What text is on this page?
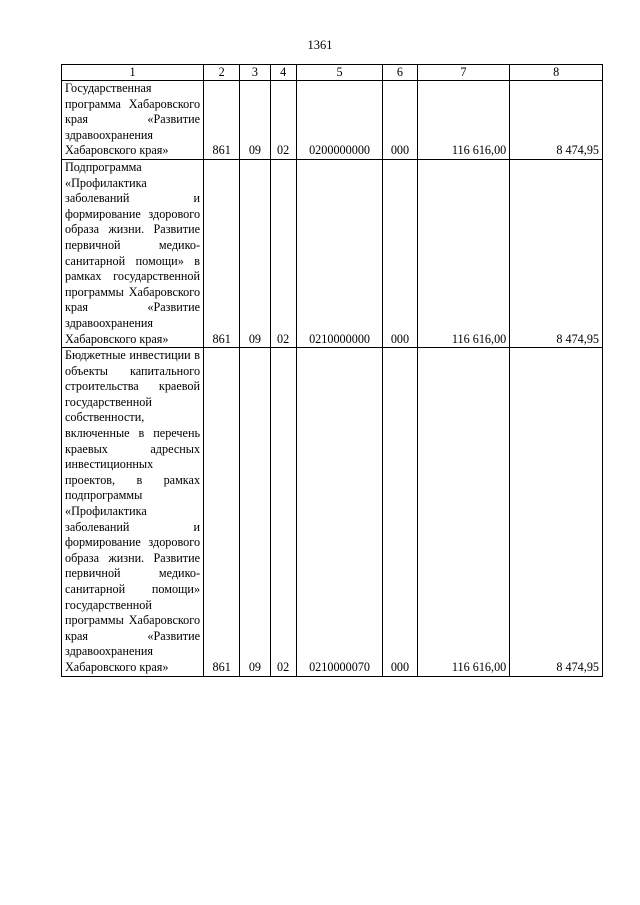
1361
1	2	3	4	5	6	7	8
Государственная программа Хабаровского края «Развитие здравоохранения Хабаровского края»	861	09	02	0200000000	000	116 616,00	8 474,95
Подпрограмма «Профилактика заболеваний и формирование здорового образа жизни. Развитие первичной медико-санитарной помощи» в рамках государственной программы Хабаровского края «Развитие здравоохранения Хабаровского края»	861	09	02	0210000000	000	116 616,00	8 474,95
Бюджетные инвестиции в объекты капитального строительства краевой государственной собственности, включенные в перечень краевых адресных инвестиционных проектов, в рамках подпрограммы «Профилактика заболеваний и формирование здорового образа жизни. Развитие первичной медико-санитарной помощи» государственной программы Хабаровского края «Развитие здравоохранения Хабаровского края»	861	09	02	0210000070	000	116 616,00	8 474,95
